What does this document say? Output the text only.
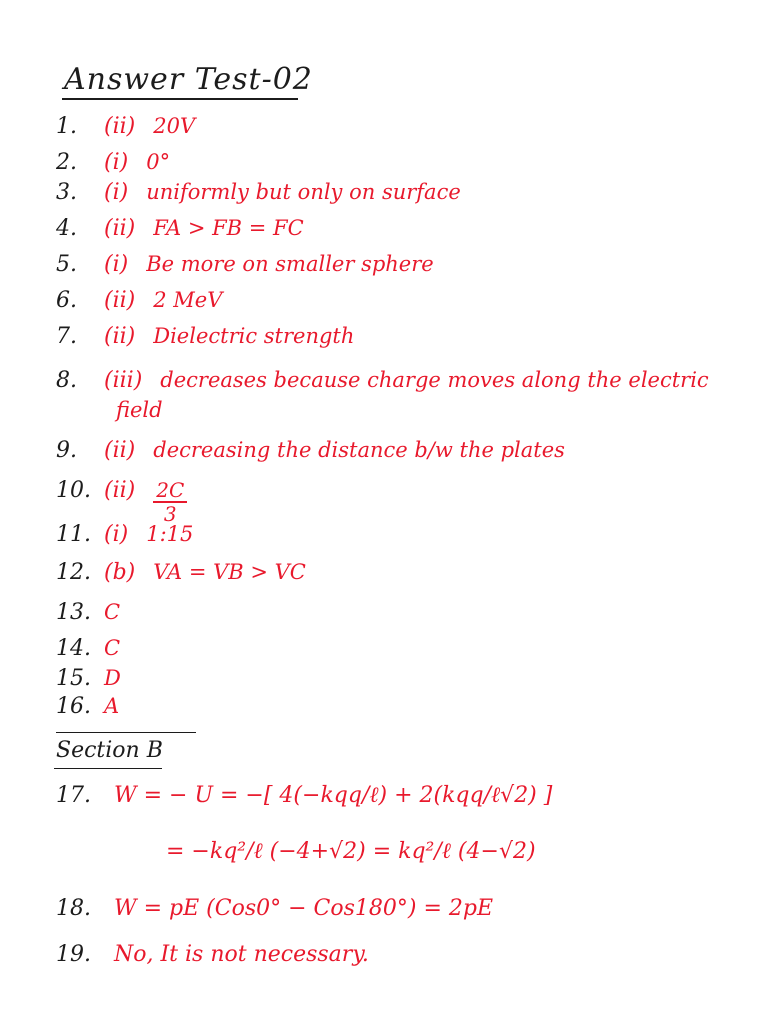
Answer Test-02
1.	(ii) 20V
2.	(i) 0°
3.	(i) uniformly but only on surface
4.	(ii) FA > FB = FC
5.	(i) Be more on smaller sphere
6.	(ii) 2 MeV
7.	(ii) Dielectric strength
8.	(iii) decreases because charge moves along the electric
field
9.	(ii) decreasing the distance b/w the plates
10. $(ii) \frac{2C}{3}$
11. (i) 1:15
12. (b) VA = VB > VC
13. C
14. C
15. D
16. A
Section B
17.	W = − U = −[ 4(−kqq/ℓ) + 2(kqq/ℓ√2) ]
= −kq²/ℓ (−4+√2) = kq²/ℓ (4−√2)
18.	W = pE (Cos0° − Cos180°) = 2pE
19.	No, It is not necessary.
